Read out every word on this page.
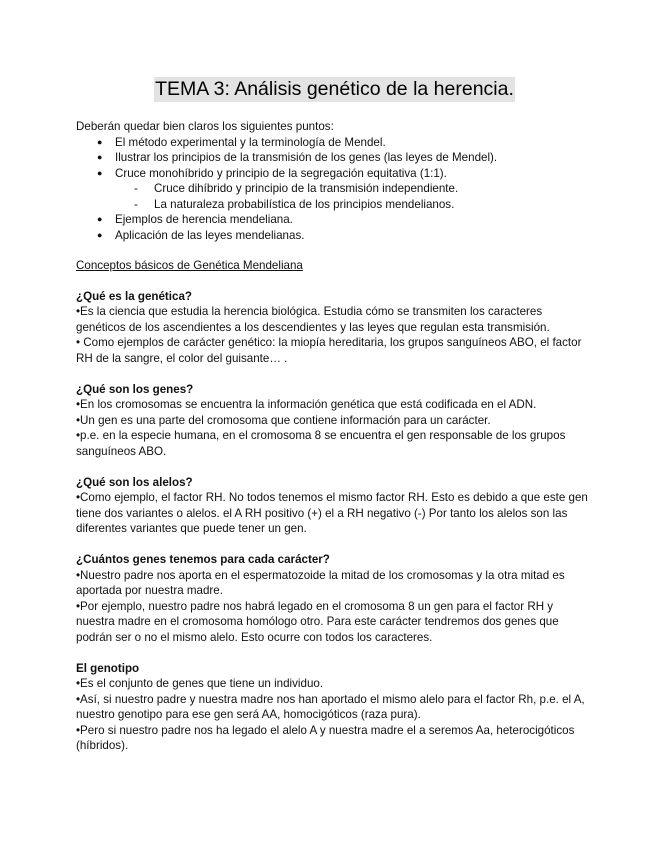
TEMA 3: Análisis genético de la herencia.

Deberán quedar bien claros los siguientes puntos:

● El método experimental y la terminología de Mendel.
● Ilustrar los principios de la transmisión de los genes (las leyes de Mendel).
● Cruce monohíbrido y principio de la segregación equitativa (1:1).
- Cruce dihíbrido y principio de la transmisión independiente.
- La naturaleza probabilística de los principios mendelianos.
● Ejemplos de herencia mendeliana.
● Aplicación de las leyes mendelianas.
Conceptos básicos de Genética Mendeliana
¿Qué es la genética?

•Es la ciencia que estudia la herencia biológica. Estudia cómo se transmiten los caracteres genéticos de los ascendientes a los descendientes y las leyes que regulan esta transmisión.

• Como ejemplos de carácter genético: la miopía hereditaria, los grupos sanguíneos ABO, el factor RH de la sangre, el color del guisante… .

¿Qué son los genes?

•En los cromosomas se encuentra la información genética que está codificada en el ADN.

•Un gen es una parte del cromosoma que contiene información para un carácter.

•p.e. en la especie humana, en el cromosoma 8 se encuentra el gen responsable de los grupos sanguíneos ABO.

¿Qué son los alelos?

•Como ejemplo, el factor RH. No todos tenemos el mismo factor RH. Esto es debido a que este gen tiene dos variantes o alelos. el A RH positivo (+) el a RH negativo (-) Por tanto los alelos son las diferentes variantes que puede tener un gen.

¿Cuántos genes tenemos para cada carácter?

•Nuestro padre nos aporta en el espermatozoide la mitad de los cromosomas y la otra mitad es aportada por nuestra madre.

•Por ejemplo, nuestro padre nos habrá legado en el cromosoma 8 un gen para el factor RH y nuestra madre en el cromosoma homólogo otro. Para este carácter tendremos dos genes que podrán ser o no el mismo alelo. Esto ocurre con todos los caracteres.

El genotipo

•Es el conjunto de genes que tiene un individuo.

•Así, si nuestro padre y nuestra madre nos han aportado el mismo alelo para el factor Rh, p.e. el A, nuestro genotipo para ese gen será AA, homocigóticos (raza pura).

•Pero si nuestro padre nos ha legado el alelo A y nuestra madre el a seremos Aa, heterocigóticos (híbridos).
